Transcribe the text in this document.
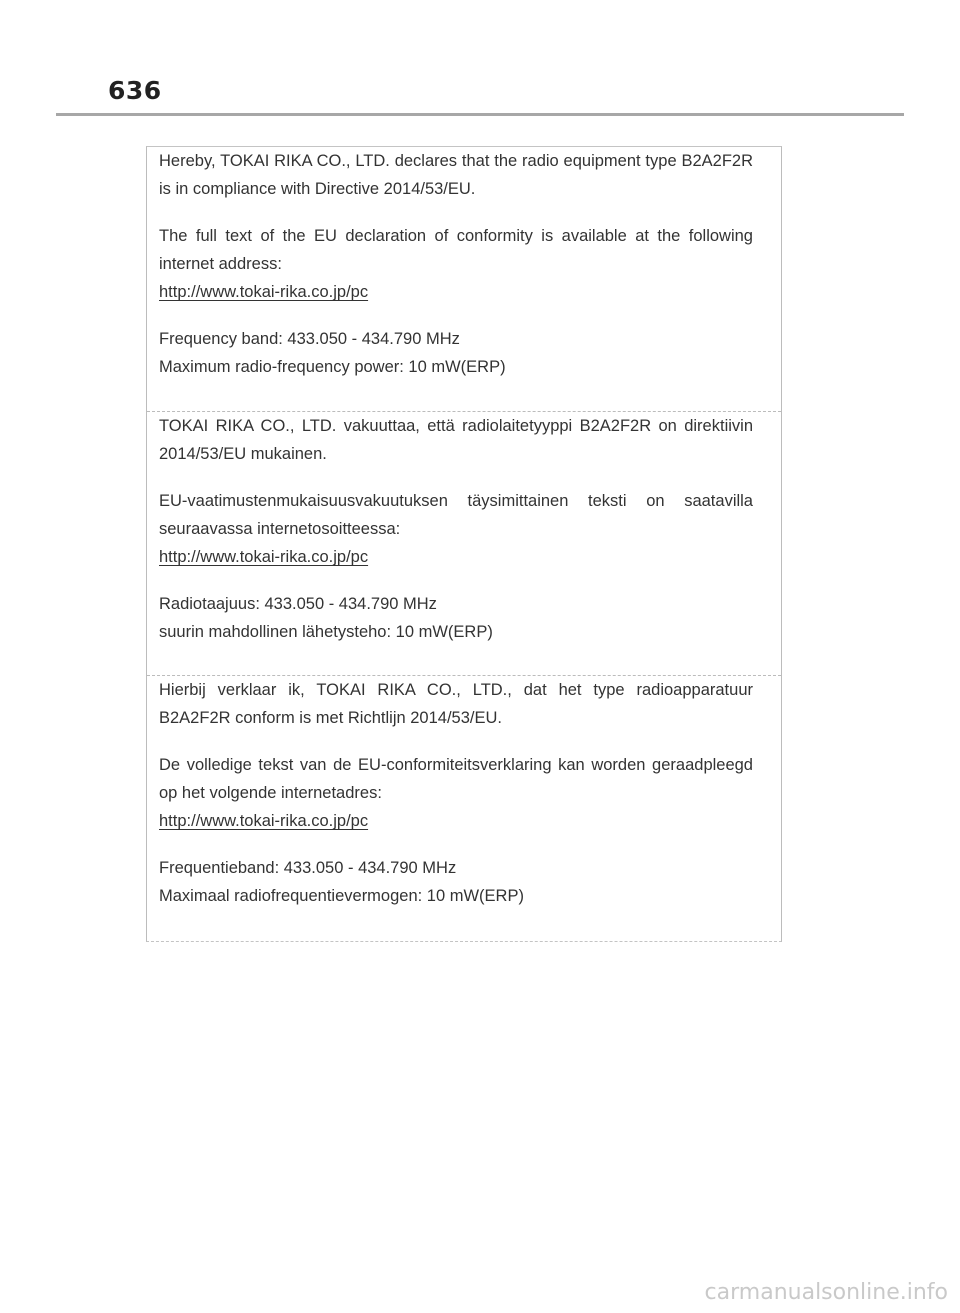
636

Hereby, TOKAI RIKA CO., LTD. declares that the radio equipment type B2A2F2R is in compliance with Directive 2014/53/EU.

The full text of the EU declaration of conformity is available at the following internet address:

http://www.tokai-rika.co.jp/pc

Frequency band: 433.050 - 434.790 MHz

Maximum radio-frequency power: 10 mW(ERP)

TOKAI RIKA CO., LTD. vakuuttaa, että radiolaitetyyppi B2A2F2R on direktiivin 2014/53/EU mukainen.

EU-vaatimustenmukaisuusvakuutuksen täysimittainen teksti on saatavilla seuraavassa internetosoitteessa:

http://www.tokai-rika.co.jp/pc

Radiotaajuus: 433.050 - 434.790 MHz

suurin mahdollinen lähetysteho: 10 mW(ERP)

Hierbij verklaar ik, TOKAI RIKA CO., LTD., dat het type radioapparatuur B2A2F2R conform is met Richtlijn 2014/53/EU.

De volledige tekst van de EU-conformiteitsverklaring kan worden geraadpleegd op het volgende internetadres:

http://www.tokai-rika.co.jp/pc

Frequentieband: 433.050 - 434.790 MHz

Maximaal radiofrequentievermogen: 10 mW(ERP)

carmanualsonline.info
